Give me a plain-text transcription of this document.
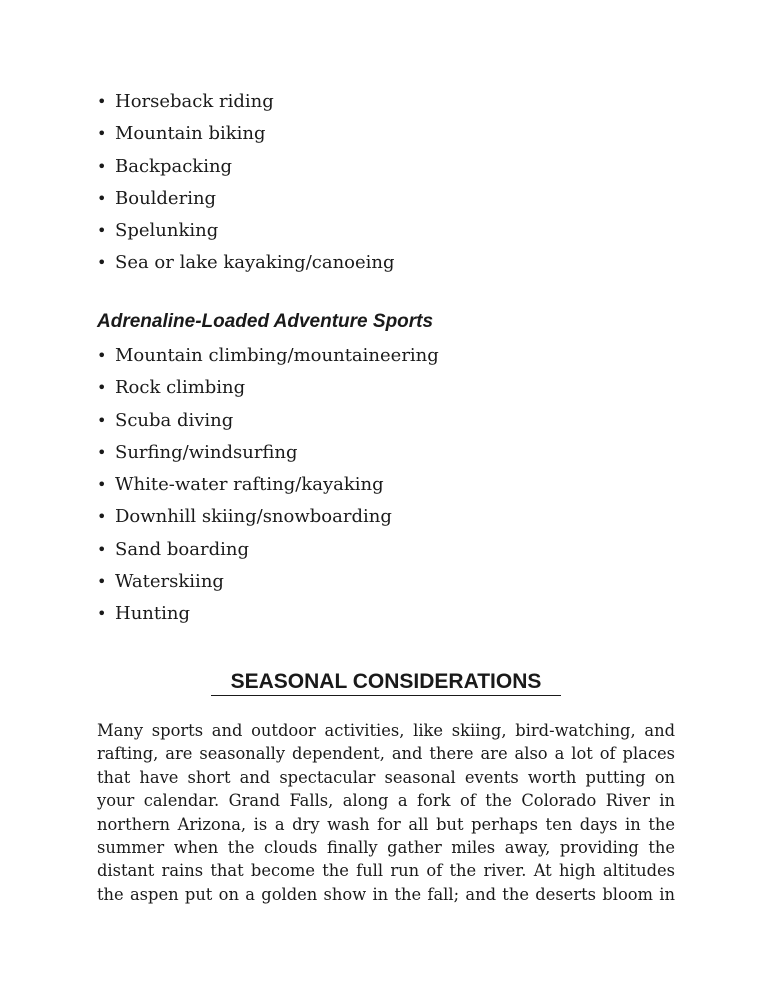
• Horseback riding
• Mountain biking
• Backpacking
• Bouldering
• Spelunking
• Sea or lake kayaking/canoeing
Adrenaline-Loaded Adventure Sports
• Mountain climbing/mountaineering
• Rock climbing
• Scuba diving
• Surfing/windsurfing
• White-water rafting/kayaking
• Downhill skiing/snowboarding
• Sand boarding
• Waterskiing
• Hunting
SEASONAL CONSIDERATIONS
Many sports and outdoor activities, like skiing, bird-watching, and
rafting, are seasonally dependent, and there are also a lot of places
that have short and spectacular seasonal events worth putting on
your calendar. Grand Falls, along a fork of the Colorado River in
northern Arizona, is a dry wash for all but perhaps ten days in the
summer when the clouds finally gather miles away, providing the
distant rains that become the full run of the river. At high altitudes
the aspen put on a golden show in the fall; and the deserts bloom in
